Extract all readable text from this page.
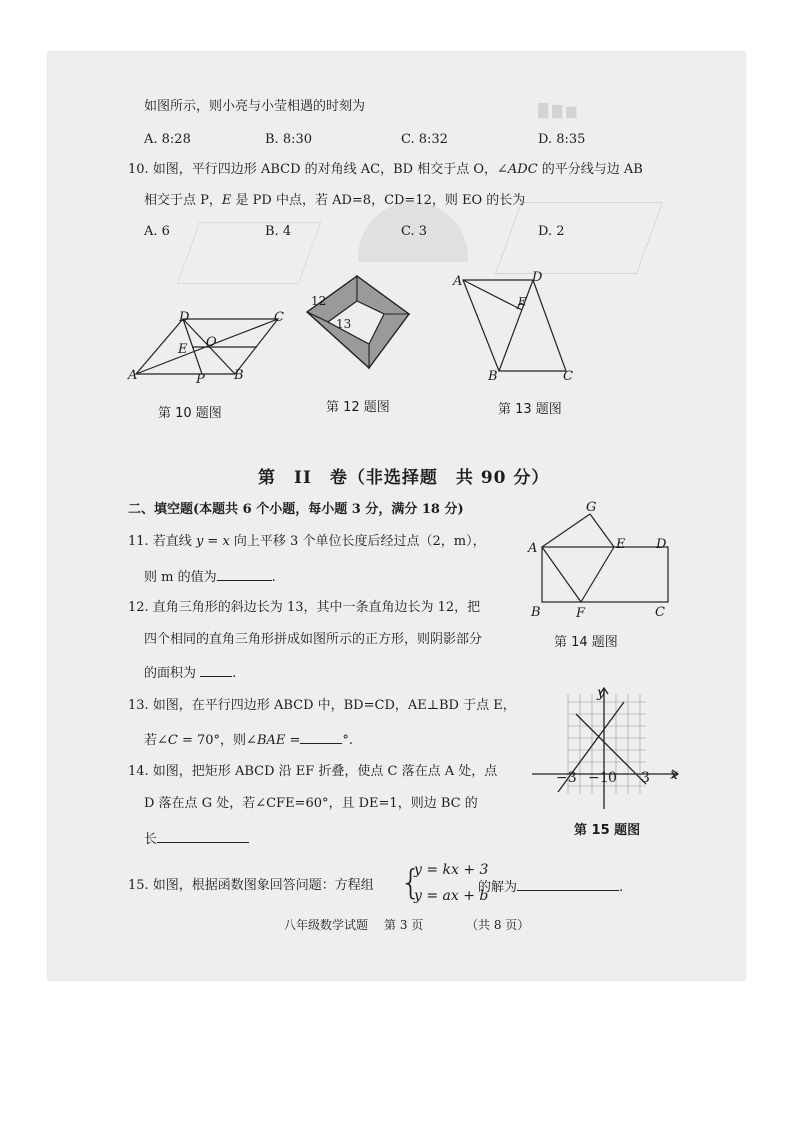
█ ▇ ▆
如图所示，则小亮与小莹相遇的时刻为
A. 8:28	B. 8:30	C. 8:32	D. 8:35
10. 如图，平行四边形 ABCD 的对角线 AC，BD 相交于点 O，∠ADC 的平分线与边 AB
相交于点 P，E 是 PD 中点，若 AD=8，CD=12，则 EO 的长为
A. 6	B. 4	C. 3	D. 2
D	C
E O
A	P B
第 10 题图
12
13
第 12 题图
A	D
E
B	C
第 13 题图
第　II　卷（非选择题　共 90 分）
二、填空题(本题共 6 个小题，每小题 3 分，满分 18 分)
11. 若直线 y = x 向上平移 3 个单位长度后经过点（2，m），
则 m 的值为	.
12. 直角三角形的斜边长为 13，其中一条直角边长为 12，把
四个相同的直角三角形拼成如图所示的正方形，则阴影部分
的面积为	.
13. 如图，在平行四边形 ABCD 中，BD=CD，AE⊥BD 于点 E，
若∠C = 70°，则∠BAE =	°.
14. 如图，把矩形 ABCD 沿 EF 折叠，使点 C 落在点 A 处，点
D 落在点 G 处，若∠CFE=60°，且 DE=1，则边 BC 的
长
G
A	E D
B	F	C
第 14 题图
y
x
−3 −1 0 3
第 15 题图
15. 如图，根据函数图象回答问题：方程组 {
y = kx + 3
y = ax + b
的解为	.
八年级数学试题 第 3 页	（共 8 页）
